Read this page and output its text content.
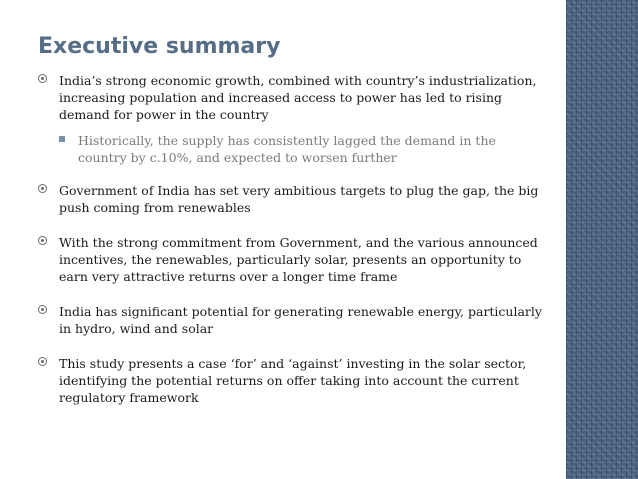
Executive summary
India’s strong economic growth, combined with country’s industrialization, increasing population and increased access to power has led to rising demand for power in the country
Historically, the supply has consistently lagged the demand in the country by c.10%, and expected to worsen further
Government of India has set very ambitious targets to plug the gap, the big push coming from renewables
With the strong commitment from Government, and the various announced incentives, the renewables, particularly solar, presents an opportunity to earn very attractive returns over a longer time frame
India has significant potential for generating renewable energy, particularly in hydro, wind and solar
This study presents a case ‘for’ and ‘against’ investing in the solar sector, identifying the potential returns on offer taking into account the current regulatory framework
